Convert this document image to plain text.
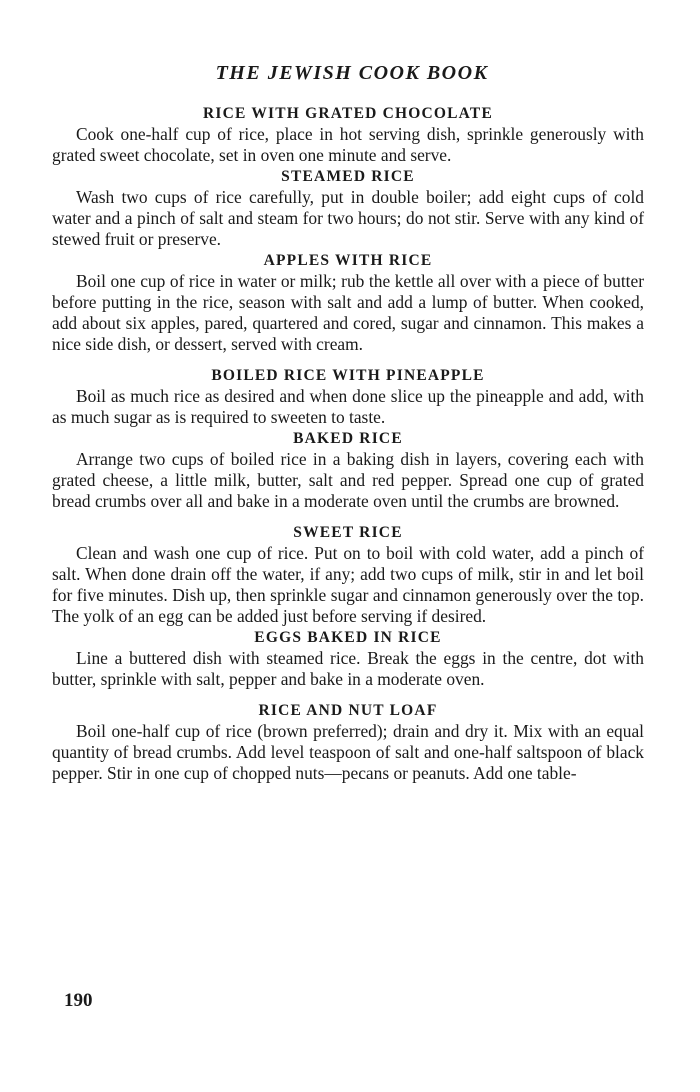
THE JEWISH COOK BOOK
RICE WITH GRATED CHOCOLATE

Cook one-half cup of rice, place in hot serving dish, sprinkle generously with grated sweet chocolate, set in oven one minute and serve.

STEAMED RICE

Wash two cups of rice carefully, put in double boiler; add eight cups of cold water and a pinch of salt and steam for two hours; do not stir. Serve with any kind of stewed fruit or preserve.

APPLES WITH RICE

Boil one cup of rice in water or milk; rub the kettle all over with a piece of butter before putting in the rice, season with salt and add a lump of butter. When cooked, add about six apples, pared, quartered and cored, sugar and cinnamon. This makes a nice side dish, or dessert, served with cream.

BOILED RICE WITH PINEAPPLE

Boil as much rice as desired and when done slice up the pineapple and add, with as much sugar as is required to sweeten to taste.

BAKED RICE

Arrange two cups of boiled rice in a baking dish in layers, covering each with grated cheese, a little milk, butter, salt and red pepper. Spread one cup of grated bread crumbs over all and bake in a moderate oven until the crumbs are browned.

SWEET RICE

Clean and wash one cup of rice. Put on to boil with cold water, add a pinch of salt. When done drain off the water, if any; add two cups of milk, stir in and let boil for five minutes. Dish up, then sprinkle sugar and cinnamon generously over the top. The yolk of an egg can be added just before serving if desired.

EGGS BAKED IN RICE

Line a buttered dish with steamed rice. Break the eggs in the centre, dot with butter, sprinkle with salt, pepper and bake in a moderate oven.

RICE AND NUT LOAF

Boil one-half cup of rice (brown preferred); drain and dry it. Mix with an equal quantity of bread crumbs. Add level teaspoon of salt and one-half saltspoon of black pepper. Stir in one cup of chopped nuts—pecans or peanuts. Add one table-

190
